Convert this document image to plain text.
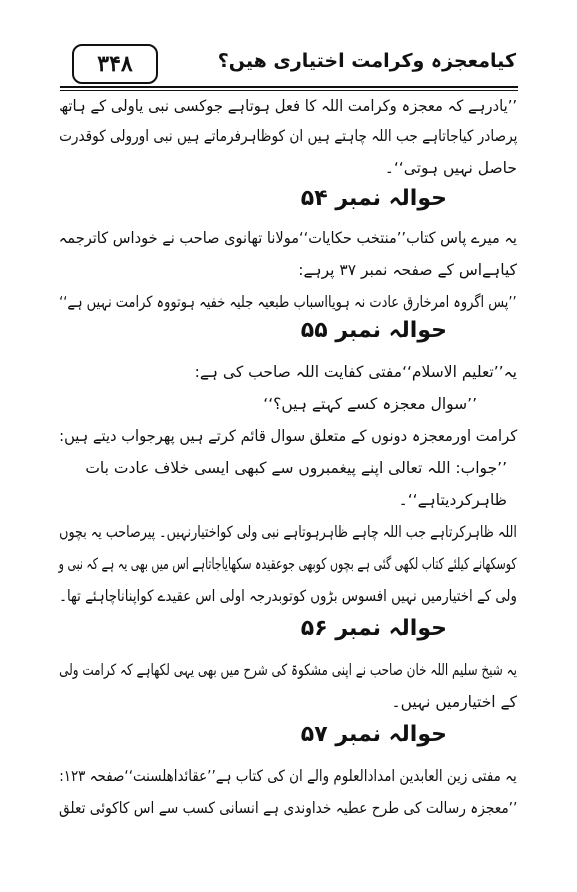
۳۴۸	کیامعجزہ وکرامت اختیاری ھیں؟
’’یادرہے کہ معجزہ وکرامت اللہ کا فعل ہوتاہے جوکسی نبی یاولی کے ہاتھ
پرصادر کیاجاتاہے جب اللہ چاہتے ہیں ان کوظاہرفرماتے ہیں نبی اورولی کوقدرت
حاصل نہیں ہوتی‘‘۔
حوالہ نمبر ۵۴
یہ میرے پاس کتاب’’منتخب حکایات‘‘مولانا تھانوی صاحب نے خوداس کاترجمہ
کیاہےاس کے صفحہ نمبر ۳۷ پرہے:
’’پس اگروہ امرخارق عادت نہ ہویااسباب طبعیہ جلیہ خفیہ ہوتووہ کرامت نہیں ہے‘‘
حوالہ نمبر ۵۵
یہ’’تعلیم الاسلام‘‘مفتی کفایت اللہ صاحب کی ہے:
’’سوال معجزہ کسے کہتے ہیں؟‘‘
کرامت اورمعجزہ دونوں کے متعلق سوال قائم کرتے ہیں پھرجواب دیتے ہیں:
’’جواب: اللہ تعالی اپنے پیغمبروں سے کبھی ایسی خلاف عادت بات
ظاہرکردیتاہے‘‘۔
اللہ ظاہرکرتاہے جب اللہ چاہے ظاہرہوتاہے نبی ولی کواختیارنہیں۔ پیرصاحب یہ بچوں
کوسکھانے کیلئے کتاب لکھی گئی ہے بچوں کوبھی جوعقیدہ سکھایاجاتاہے اس میں بھی یہ ہے کہ نبی و
ولی کے اختیارمیں نہیں افسوس بڑوں کوتوبدرجہ اولی اس عقیدے کواپناناچاہئے تھا۔
حوالہ نمبر ۵۶
یہ شیخ سلیم اللہ خان صاحب نے اپنی مشکوۃ کی شرح میں بھی یہی لکھاہے کہ کرامت ولی
کے اختیارمیں نہیں۔
حوالہ نمبر ۵۷
یہ مفتی زین العابدین امدادالعلوم والے ان کی کتاب ہے’’عقائداھلسنت‘‘صفحہ ۱۲۳:
’’معجزہ رسالت کی طرح عطیہ خداوندی ہے انسانی کسب سے اس کاکوئی تعلق
